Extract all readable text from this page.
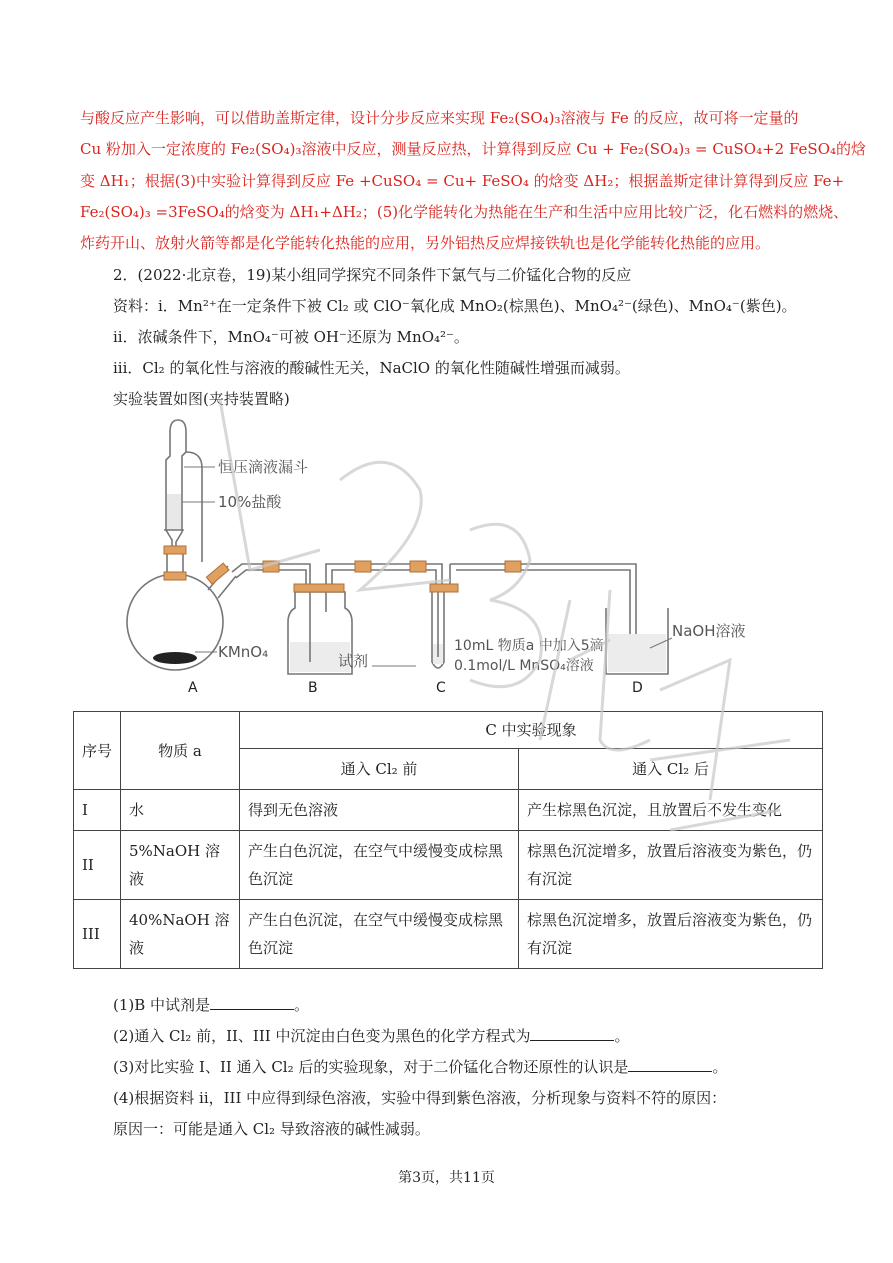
与酸反应产生影响，可以借助盖斯定律，设计分步反应来实现 Fe₂(SO₄)₃溶液与 Fe 的反应，故可将一定量的
Cu 粉加入一定浓度的 Fe₂(SO₄)₃溶液中反应，测量反应热，计算得到反应 Cu + Fe₂(SO₄)₃ = CuSO₄+2 FeSO₄的焓
变 ΔH₁；根据(3)中实验计算得到反应 Fe +CuSO₄ = Cu+ FeSO₄ 的焓变 ΔH₂；根据盖斯定律计算得到反应 Fe+
Fe₂(SO₄)₃ =3FeSO₄的焓变为 ΔH₁+ΔH₂；(5)化学能转化为热能在生产和生活中应用比较广泛，化石燃料的燃烧、
炸药开山、放射火箭等都是化学能转化热能的应用，另外铝热反应焊接铁轨也是化学能转化热能的应用。
2．(2022·北京卷，19)某小组同学探究不同条件下氯气与二价锰化合物的反应
资料：i．Mn²⁺在一定条件下被 Cl₂ 或 ClO⁻氧化成 MnO₂(棕黑色)、MnO₄²⁻(绿色)、MnO₄⁻(紫色)。
ii．浓碱条件下，MnO₄⁻可被 OH⁻还原为 MnO₄²⁻。
iii．Cl₂ 的氧化性与溶液的酸碱性无关，NaClO 的氧化性随碱性增强而减弱。
实验装置如图(夹持装置略)
恒压滴液漏斗
10%盐酸
KMnO₄	试剂
10mL 物质a 中加入5滴
0.1mol/L MnSO₄溶液
NaOH溶液
A	B	C	D
序号	物质 a	C 中实验现象	
		通入 Cl₂ 前	通入 Cl₂ 后
I	水	得到无色溶液	产生棕黑色沉淀，且放置后不发生变化
II	5%NaOH 溶液	产生白色沉淀，在空气中缓慢变成棕黑色沉淀	棕黑色沉淀增多，放置后溶液变为紫色，仍有沉淀
III	40%NaOH 溶液	产生白色沉淀，在空气中缓慢变成棕黑色沉淀	棕黑色沉淀增多，放置后溶液变为紫色，仍有沉淀
(1)B 中试剂是	。
(2)通入 Cl₂ 前，II、III 中沉淀由白色变为黑色的化学方程式为	。
(3)对比实验 I、II 通入 Cl₂ 后的实验现象，对于二价锰化合物还原性的认识是	。
(4)根据资料 ii，III 中应得到绿色溶液，实验中得到紫色溶液，分析现象与资料不符的原因：
原因一：可能是通入 Cl₂ 导致溶液的碱性减弱。
第3页，共11页
